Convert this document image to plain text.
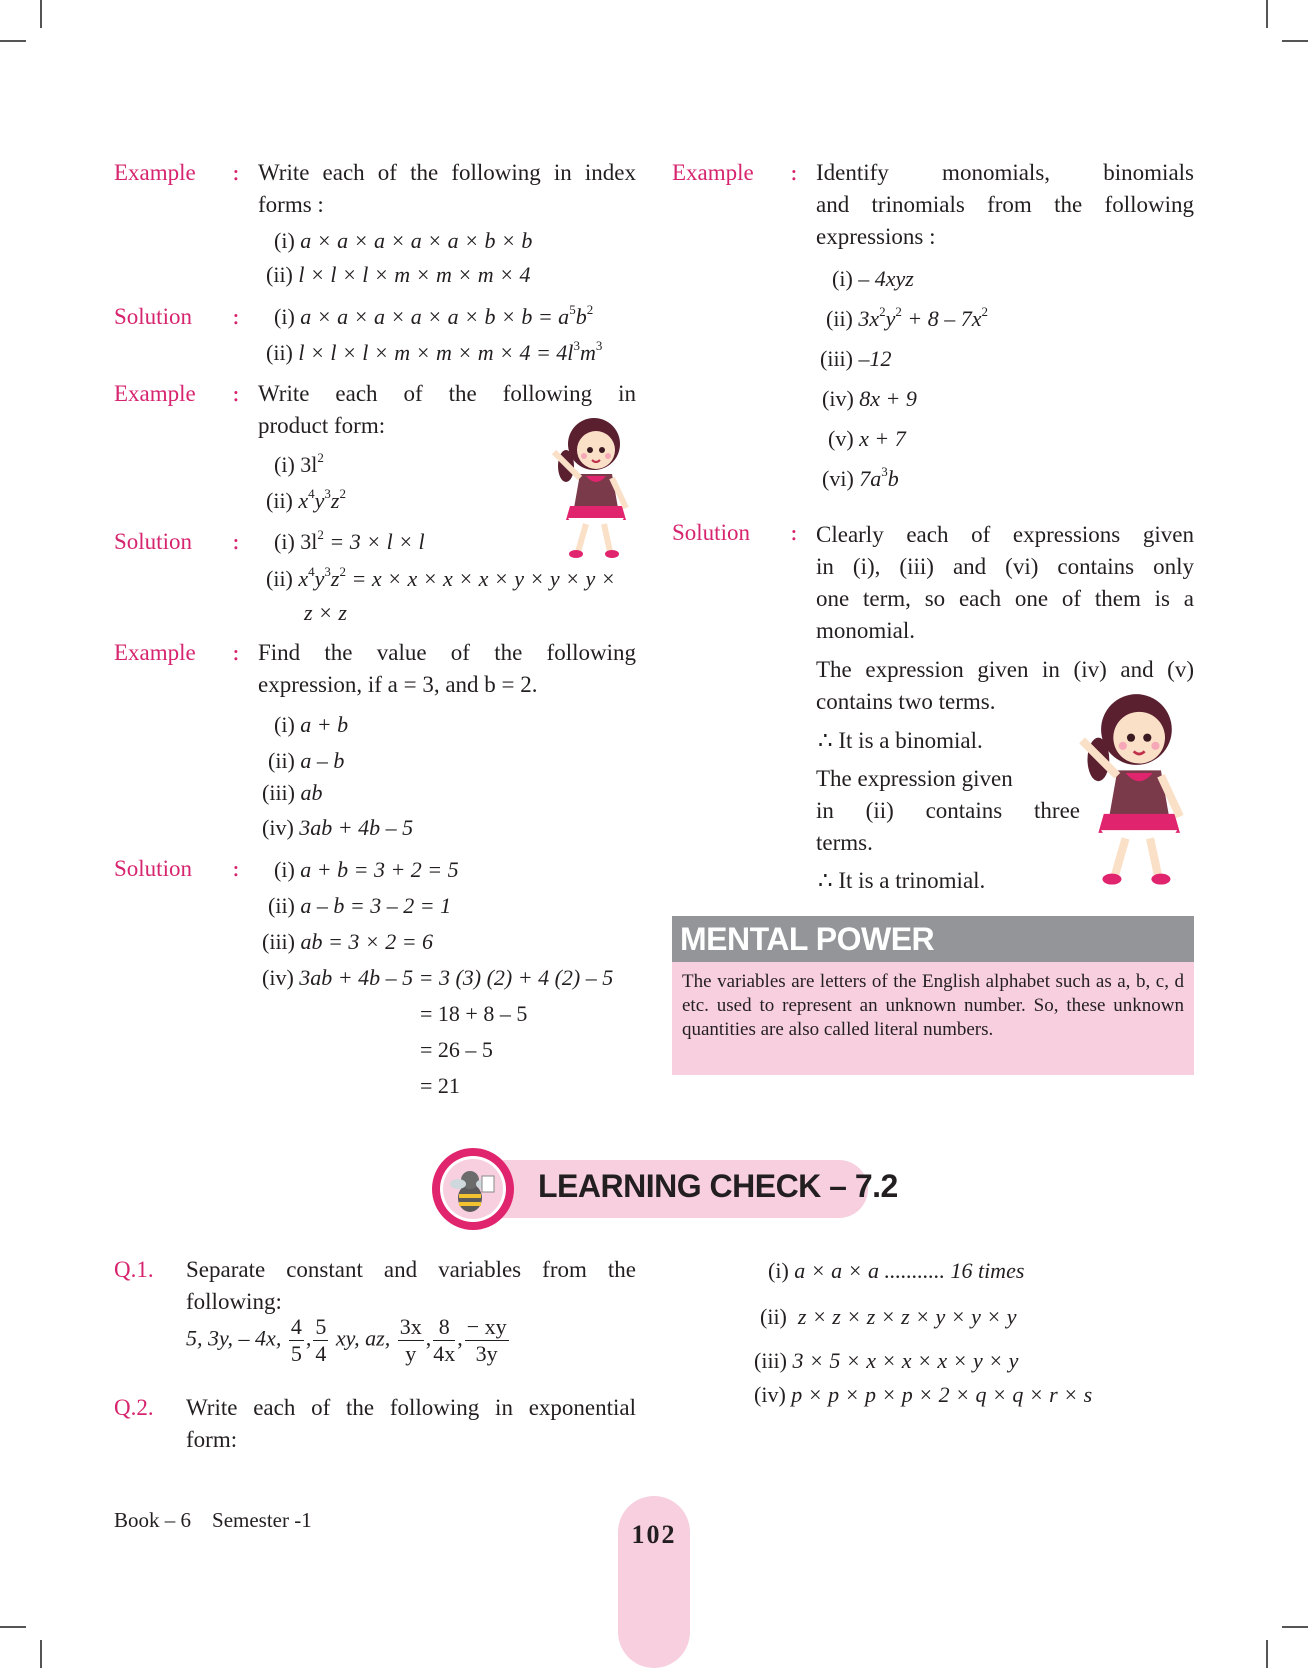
Example : Write each of the following in index
forms :
(i) a × a × a × a × a × b × b
(ii) l × l × l × m × m × m × 4
Solution : (i) $a \times a \times a \times a \times a \times b \times b = a^5b^2$
(ii) $l \times l \times l \times m \times m \times m \times 4 = 4l^3m^3$
Example : Write each of the following in
product form:
(i) $3l^2$
(ii) $x^4y^3z^2$
Solution : (i) $3l^2 = 3 \times l \times l$
(ii) $x^4y^3z^2 = x \times x \times x \times x \times y \times y \times y$ ×
z × z
Example : Find the value of the following
expression, if a = 3, and b = 2.
(i) a + b
(ii) a – b
(iii) ab
(iv) 3ab + 4b – 5
Solution : (i) a + b = 3 + 2 = 5
(ii) a – b = 3 – 2 = 1
(iii) ab = 3 × 2 = 6
(iv) 3ab + 4b – 5 = 3 (3) (2) + 4 (2) – 5
= 18 + 8 – 5
= 26 – 5
= 21
Example : Identify monomials, binomials
and trinomials from the following
expressions :
(i) – 4xyz
(ii) $3x^2y^2 + 8 - 7x^2$
(iii) –12
(iv) 8x + 9
(v) x + 7
(vi) $7a^3b$
Solution : Clearly each of expressions given
in (i), (iii) and (vi) contains only
one term, so each one of them is a
monomial.
The expression given in (iv) and (v)
contains two terms.
∴ It is a binomial.
The expression given
in (ii) contains three
terms.
∴ It is a trinomial.
MENTAL POWER
The variables are letters of the English alphabet such as a, b, c, d etc. used to represent an unknown number. So, these unknown quantities are also called literal numbers.
LEARNING CHECK – 7.2
Q.1. Separate constant and variables from the
following:
5, 3y, – 4x, $\frac{4}{5}$ , $\frac{5}{4}$ xy, az, $\frac{3x}{y}$ , $\frac{8}{4x}$ , $\frac{- xy}{3y}$
Q.2. Write each of the following in exponential
form:
(i) a × a × a ........... 16 times
(ii) z × z × z × z × y × y × y
(iii) 3 × 5 × x × x × x × y × y
(iv) p × p × p × p × 2 × q × q × r × s
Book – 6 Semester -1	102
